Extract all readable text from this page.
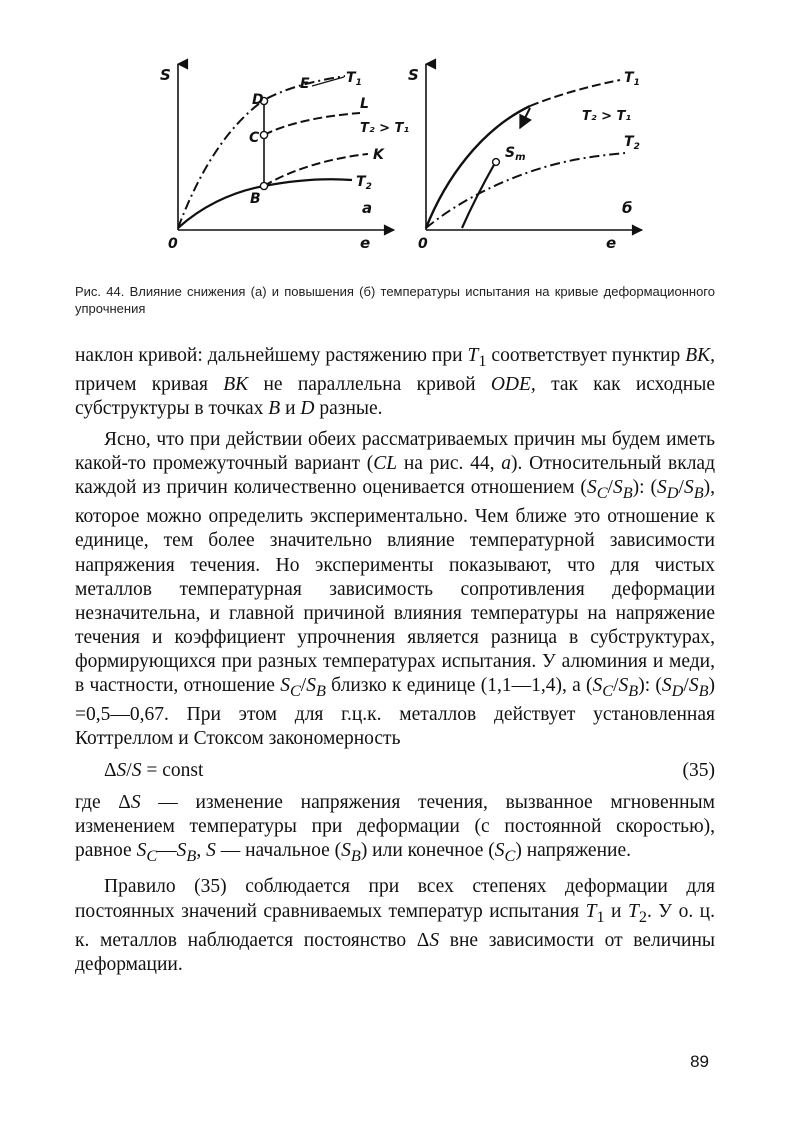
S
e
0
D
C
B
E	$T_1$
L
T₂ > T₁
K
$T_2$
а
S
e
0
$S_m$
$T_1$
T₂ > T₁
$T_2$
б
Рис. 44. Влияние снижения (а) и повышения (б) температуры испытания на кривые деформационного упрочнения

наклон кривой: дальнейшему растяжению при $T_1$ соответствует пунктир BK, причем кривая BK не параллельна кривой ODE, так как исходные субструктуры в точках B и D разные.

Ясно, что при действии обеих рассматриваемых причин мы будем иметь какой-то промежуточный вариант (CL на рис. 44, а). Относительный вклад каждой из причин количественно оценивается отношением $(S_C/S_B)$: $(S_D/S_B)$, которое можно определить экспериментально. Чем ближе это отношение к единице, тем более значительно влияние температурной зависимости напряжения течения. Но эксперименты показывают, что для чистых металлов температурная зависимость сопротивления деформации незначительна, и главной причиной влияния температуры на напряжение течения и коэффициент упрочнения является разница в субструктурах, формирующихся при разных температурах испытания. У алюминия и меди, в частности, отношение $S_C/S_B$ близко к единице (1,1—1,4), а $(S_C/S_B)$: $(S_D/S_B)$ =0,5—0,67. При этом для г.ц.к. металлов действует установленная Коттреллом и Стоксом закономерность

ΔS/S = const	(35)

где ΔS — изменение напряжения течения, вызванное мгновенным изменением температуры при деформации (с постоянной скоростью), равное $S_C—S_B$, S — начальное $(S_B)$ или конечное $(S_C)$ напряжение.

Правило (35) соблюдается при всех степенях деформации для постоянных значений сравниваемых температур испытания $T_1$ и $T_2$. У о. ц. к. металлов наблюдается постоянство ΔS вне зависимости от величины деформации.

89
